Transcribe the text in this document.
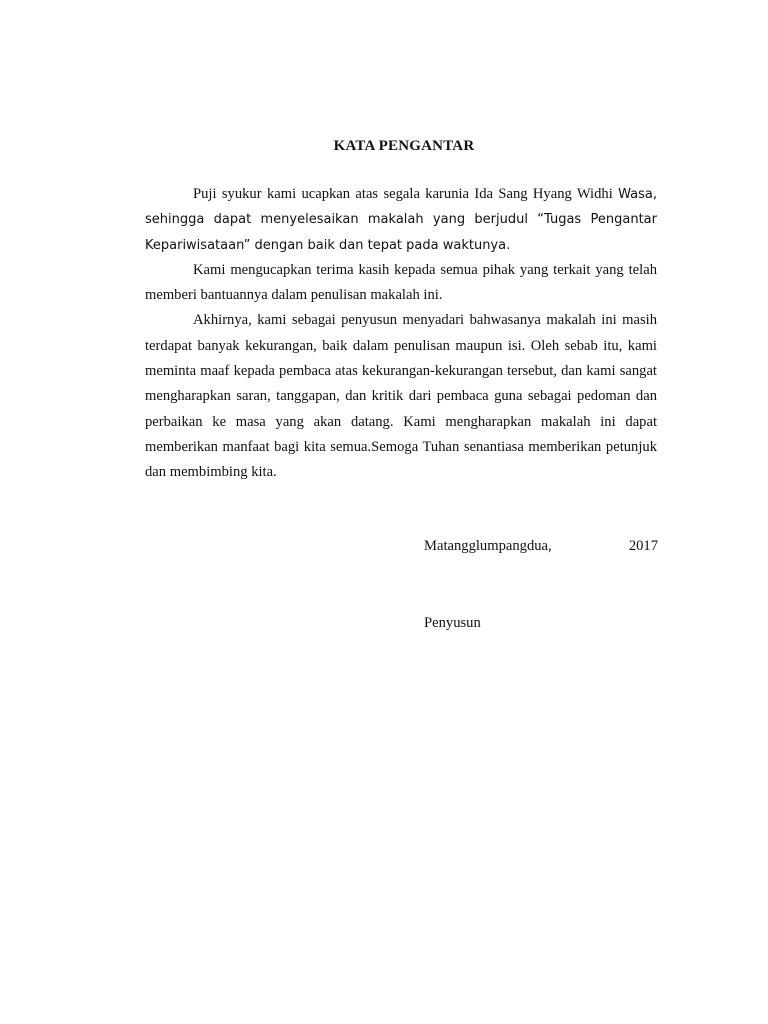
KATA PENGANTAR

Puji syukur kami ucapkan atas segala karunia Ida Sang Hyang Widhi Wasa, sehingga dapat menyelesaikan makalah yang berjudul “Tugas Pengantar Kepariwisataan” dengan baik dan tepat pada waktunya.

Kami mengucapkan terima kasih kepada semua pihak yang terkait yang telah memberi bantuannya dalam penulisan makalah ini.

Akhirnya, kami sebagai penyusun menyadari bahwasanya makalah ini masih terdapat banyak kekurangan, baik dalam penulisan maupun isi. Oleh sebab itu, kami meminta maaf kepada pembaca atas kekurangan-kekurangan tersebut, dan kami sangat mengharapkan saran, tanggapan, dan kritik dari pembaca guna sebagai pedoman dan perbaikan ke masa yang akan datang. Kami mengharapkan makalah ini dapat memberikan manfaat bagi kita semua.Semoga Tuhan senantiasa memberikan petunjuk dan membimbing kita.

Matangglumpangdua,	2017
Penyusun
